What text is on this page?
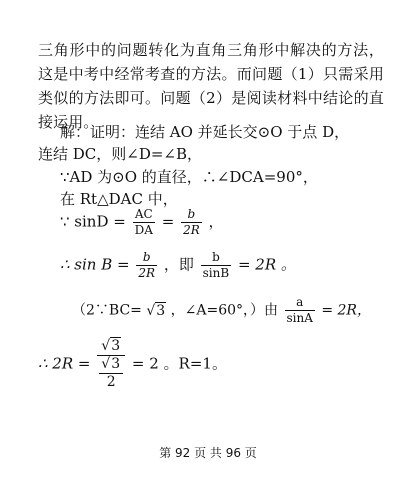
三角形中的问题转化为直角三角形中解决的方法，这是中考中经常考查的方法。而问题（1）只需采用类似的方法即可。问题（2）是阅读材料中结论的直接运用。
解：证明：连结 AO 并延长交⊙O 于点 D，
连结 DC，则∠D=∠B，
∵AD 为⊙O 的直径，∴∠DCA=90°，
在 Rt△DAC 中，
∵ $\sin D = \frac{AC}{DA} = \frac{b}{2R}$ ，
∴ $\sin B = \frac{b}{2R}$ ，即 $\frac{b}{\sin B} = 2R$ 。
（2∵BC= √3 ，∠A=60°，）由 $\frac{a}{\sin A} = 2R$，
∴ $2R = \frac{√3}{\frac{√3}{2}} = 2$ 。R=1。
第 92 页 共 96 页
